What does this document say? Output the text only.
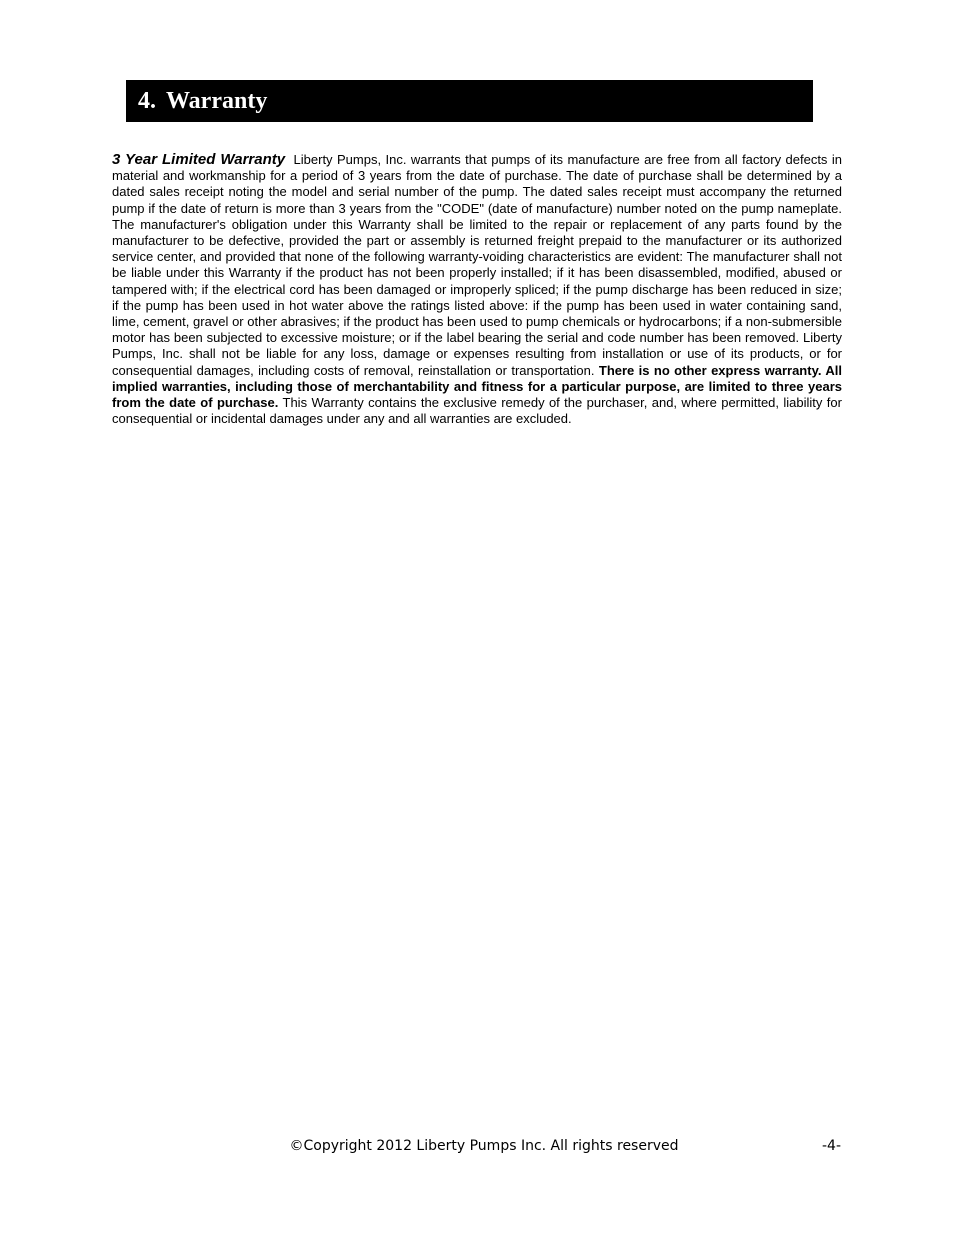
4. Warranty

3 Year Limited Warranty Liberty Pumps, Inc. warrants that pumps of its manufacture are free from all factory defects in material and workmanship for a period of 3 years from the date of purchase. The date of purchase shall be determined by a dated sales receipt noting the model and serial number of the pump. The dated sales receipt must accompany the returned pump if the date of return is more than 3 years from the "CODE" (date of manufacture) number noted on the pump nameplate. The manufacturer's obligation under this Warranty shall be limited to the repair or replacement of any parts found by the manufacturer to be defective, provided the part or assembly is returned freight prepaid to the manufacturer or its authorized service center, and provided that none of the following warranty-voiding characteristics are evident: The manufacturer shall not be liable under this Warranty if the product has not been properly installed; if it has been disassembled, modified, abused or tampered with; if the electrical cord has been damaged or improperly spliced; if the pump discharge has been reduced in size; if the pump has been used in hot water above the ratings listed above: if the pump has been used in water containing sand, lime, cement, gravel or other abrasives; if the product has been used to pump chemicals or hydrocarbons; if a non-submersible motor has been subjected to excessive moisture; or if the label bearing the serial and code number has been removed. Liberty Pumps, Inc. shall not be liable for any loss, damage or expenses resulting from installation or use of its products, or for consequential damages, including costs of removal, reinstallation or transportation. There is no other express warranty. All implied warranties, including those of merchantability and fitness for a particular purpose, are limited to three years from the date of purchase. This Warranty contains the exclusive remedy of the purchaser, and, where permitted, liability for consequential or incidental damages under any and all warranties are excluded.

©Copyright 2012 Liberty Pumps Inc. All rights reserved	-4-
